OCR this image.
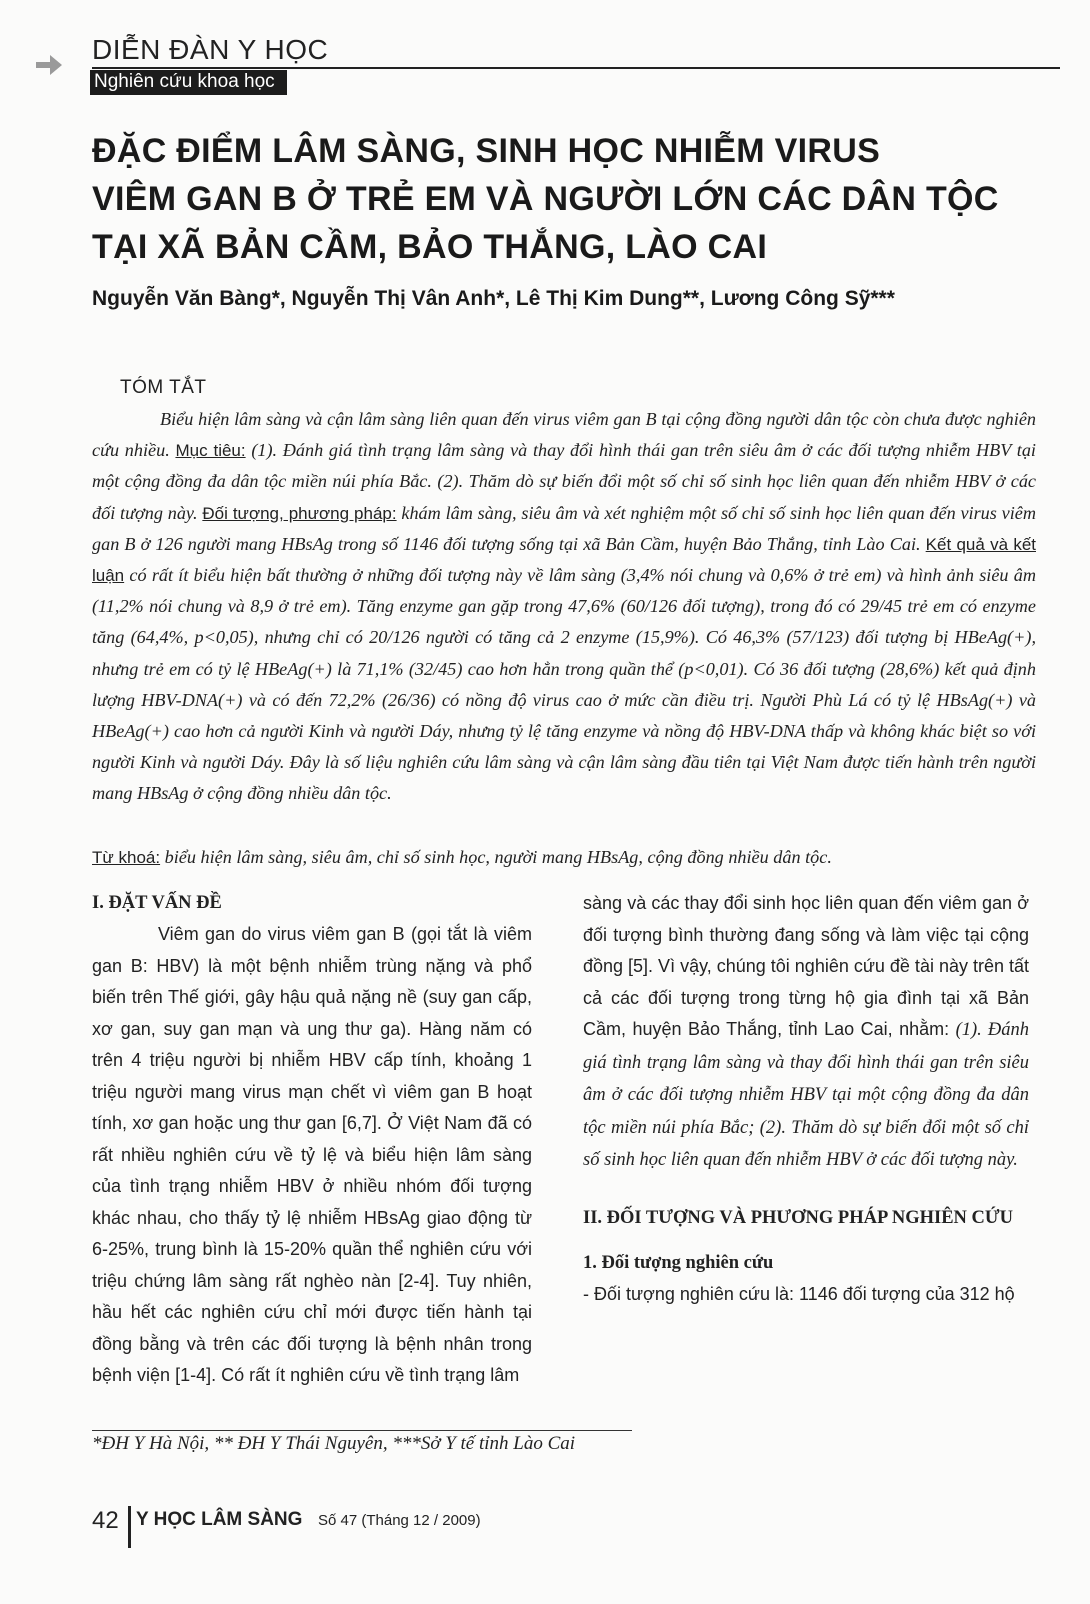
DIỄN ĐÀN Y HỌC
Nghiên cứu khoa học
ĐẶC ĐIỂM LÂM SÀNG, SINH HỌC NHIỄM VIRUS
VIÊM GAN B Ở TRẺ EM VÀ NGƯỜI LỚN CÁC DÂN TỘC
TẠI XÃ BẢN CẦM, BẢO THẮNG, LÀO CAI
Nguyễn Văn Bàng*, Nguyễn Thị Vân Anh*, Lê Thị Kim Dung**, Lương Công Sỹ***
TÓM TẮT

Biểu hiện lâm sàng và cận lâm sàng liên quan đến virus viêm gan B tại cộng đồng người dân tộc còn chưa được nghiên cứu nhiều. Mục tiêu: (1). Đánh giá tình trạng lâm sàng và thay đổi hình thái gan trên siêu âm ở các đối tượng nhiễm HBV tại một cộng đồng đa dân tộc miền núi phía Bắc. (2). Thăm dò sự biến đổi một số chỉ số sinh học liên quan đến nhiễm HBV ở các đối tượng này. Đối tượng, phương pháp: khám lâm sàng, siêu âm và xét nghiệm một số chỉ số sinh học liên quan đến virus viêm gan B ở 126 người mang HBsAg trong số 1146 đối tượng sống tại xã Bản Cầm, huyện Bảo Thắng, tỉnh Lào Cai. Kết quả và kết luận có rất ít biểu hiện bất thường ở những đối tượng này về lâm sàng (3,4% nói chung và 0,6% ở trẻ em) và hình ảnh siêu âm (11,2% nói chung và 8,9 ở trẻ em). Tăng enzyme gan gặp trong 47,6% (60/126 đối tượng), trong đó có 29/45 trẻ em có enzyme tăng (64,4%, p<0,05), nhưng chỉ có 20/126 người có tăng cả 2 enzyme (15,9%). Có 46,3% (57/123) đối tượng bị HBeAg(+), nhưng trẻ em có tỷ lệ HBeAg(+) là 71,1% (32/45) cao hơn hẳn trong quần thể (p<0,01). Có 36 đối tượng (28,6%) kết quả định lượng HBV-DNA(+) và có đến 72,2% (26/36) có nồng độ virus cao ở mức cần điều trị. Người Phù Lá có tỷ lệ HBsAg(+) và HBeAg(+) cao hơn cả người Kinh và người Dáy, nhưng tỷ lệ tăng enzyme và nồng độ HBV-DNA thấp và không khác biệt so với người Kinh và người Dáy. Đây là số liệu nghiên cứu lâm sàng và cận lâm sàng đầu tiên tại Việt Nam được tiến hành trên người mang HBsAg ở cộng đồng nhiều dân tộc.

Từ khoá: biểu hiện lâm sàng, siêu âm, chỉ số sinh học, người mang HBsAg, cộng đồng nhiều dân tộc.
I. ĐẶT VẤN ĐỀ

Viêm gan do virus viêm gan B (gọi tắt là viêm gan B: HBV) là một bệnh nhiễm trùng nặng và phổ biến trên Thế giới, gây hậu quả nặng nề (suy gan cấp, xơ gan, suy gan mạn và ung thư ga). Hàng năm có trên 4 triệu người bị nhiễm HBV cấp tính, khoảng 1 triệu người mang virus mạn chết vì viêm gan B hoạt tính, xơ gan hoặc ung thư gan [6,7]. Ở Việt Nam đã có rất nhiều nghiên cứu về tỷ lệ và biểu hiện lâm sàng của tình trạng nhiễm HBV ở nhiều nhóm đối tượng khác nhau, cho thấy tỷ lệ nhiễm HBsAg giao động từ 6-25%, trung bình là 15-20% quần thể nghiên cứu với triệu chứng lâm sàng rất nghèo nàn [2-4]. Tuy nhiên, hầu hết các nghiên cứu chỉ mới được tiến hành tại đồng bằng và trên các đối tượng là bệnh nhân trong bệnh viện [1-4]. Có rất ít nghiên cứu về tình trạng lâm

sàng và các thay đổi sinh học liên quan đến viêm gan ở đối tượng bình thường đang sống và làm việc tại cộng đồng [5]. Vì vậy, chúng tôi nghiên cứu đề tài này trên tất cả các đối tượng trong từng hộ gia đình tại xã Bản Cầm, huyện Bảo Thắng, tỉnh Lao Cai, nhằm: (1). Đánh giá tình trạng lâm sàng và thay đổi hình thái gan trên siêu âm ở các đối tượng nhiễm HBV tại một cộng đồng đa dân tộc miền núi phía Bắc; (2). Thăm dò sự biến đổi một số chỉ số sinh học liên quan đến nhiễm HBV ở các đối tượng này.

II. ĐỐI TƯỢNG VÀ PHƯƠNG PHÁP NGHIÊN CỨU
1. Đối tượng nghiên cứu

- Đối tượng nghiên cứu là: 1146 đối tượng của 312 hộ

*ĐH Y Hà Nội, ** ĐH Y Thái Nguyên, ***Sở Y tế tỉnh Lào Cai
42 Y HỌC LÂM SÀNG Số 47 (Tháng 12 / 2009)
